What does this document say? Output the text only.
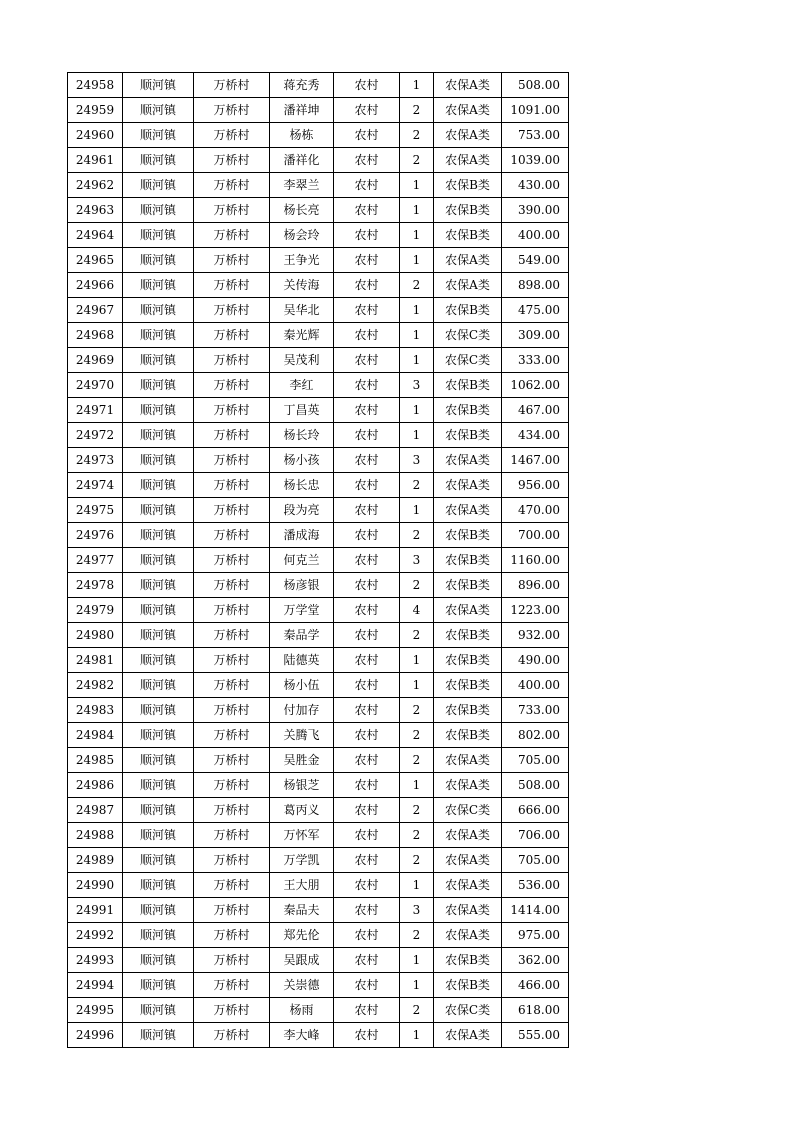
24958	顺河镇	万桥村	蒋充秀	农村	1	农保A类	508.00
24959	顺河镇	万桥村	潘祥坤	农村	2	农保A类	1091.00
24960	顺河镇	万桥村	杨栋	农村	2	农保A类	753.00
24961	顺河镇	万桥村	潘祥化	农村	2	农保A类	1039.00
24962	顺河镇	万桥村	李翠兰	农村	1	农保B类	430.00
24963	顺河镇	万桥村	杨长亮	农村	1	农保B类	390.00
24964	顺河镇	万桥村	杨会玲	农村	1	农保B类	400.00
24965	顺河镇	万桥村	王争光	农村	1	农保A类	549.00
24966	顺河镇	万桥村	关传海	农村	2	农保A类	898.00
24967	顺河镇	万桥村	吴华北	农村	1	农保B类	475.00
24968	顺河镇	万桥村	秦光辉	农村	1	农保C类	309.00
24969	顺河镇	万桥村	吴茂利	农村	1	农保C类	333.00
24970	顺河镇	万桥村	李红	农村	3	农保B类	1062.00
24971	顺河镇	万桥村	丁昌英	农村	1	农保B类	467.00
24972	顺河镇	万桥村	杨长玲	农村	1	农保B类	434.00
24973	顺河镇	万桥村	杨小孩	农村	3	农保A类	1467.00
24974	顺河镇	万桥村	杨长忠	农村	2	农保A类	956.00
24975	顺河镇	万桥村	段为亮	农村	1	农保A类	470.00
24976	顺河镇	万桥村	潘成海	农村	2	农保B类	700.00
24977	顺河镇	万桥村	何克兰	农村	3	农保B类	1160.00
24978	顺河镇	万桥村	杨彦银	农村	2	农保B类	896.00
24979	顺河镇	万桥村	万学堂	农村	4	农保A类	1223.00
24980	顺河镇	万桥村	秦品学	农村	2	农保B类	932.00
24981	顺河镇	万桥村	陆德英	农村	1	农保B类	490.00
24982	顺河镇	万桥村	杨小伍	农村	1	农保B类	400.00
24983	顺河镇	万桥村	付加存	农村	2	农保B类	733.00
24984	顺河镇	万桥村	关腾飞	农村	2	农保B类	802.00
24985	顺河镇	万桥村	吴胜金	农村	2	农保A类	705.00
24986	顺河镇	万桥村	杨银芝	农村	1	农保A类	508.00
24987	顺河镇	万桥村	葛丙义	农村	2	农保C类	666.00
24988	顺河镇	万桥村	万怀军	农村	2	农保A类	706.00
24989	顺河镇	万桥村	万学凯	农村	2	农保A类	705.00
24990	顺河镇	万桥村	王大朋	农村	1	农保A类	536.00
24991	顺河镇	万桥村	秦品夫	农村	3	农保A类	1414.00
24992	顺河镇	万桥村	郑先伦	农村	2	农保A类	975.00
24993	顺河镇	万桥村	吴跟成	农村	1	农保B类	362.00
24994	顺河镇	万桥村	关崇德	农村	1	农保B类	466.00
24995	顺河镇	万桥村	杨雨	农村	2	农保C类	618.00
24996	顺河镇	万桥村	李大峰	农村	1	农保A类	555.00
